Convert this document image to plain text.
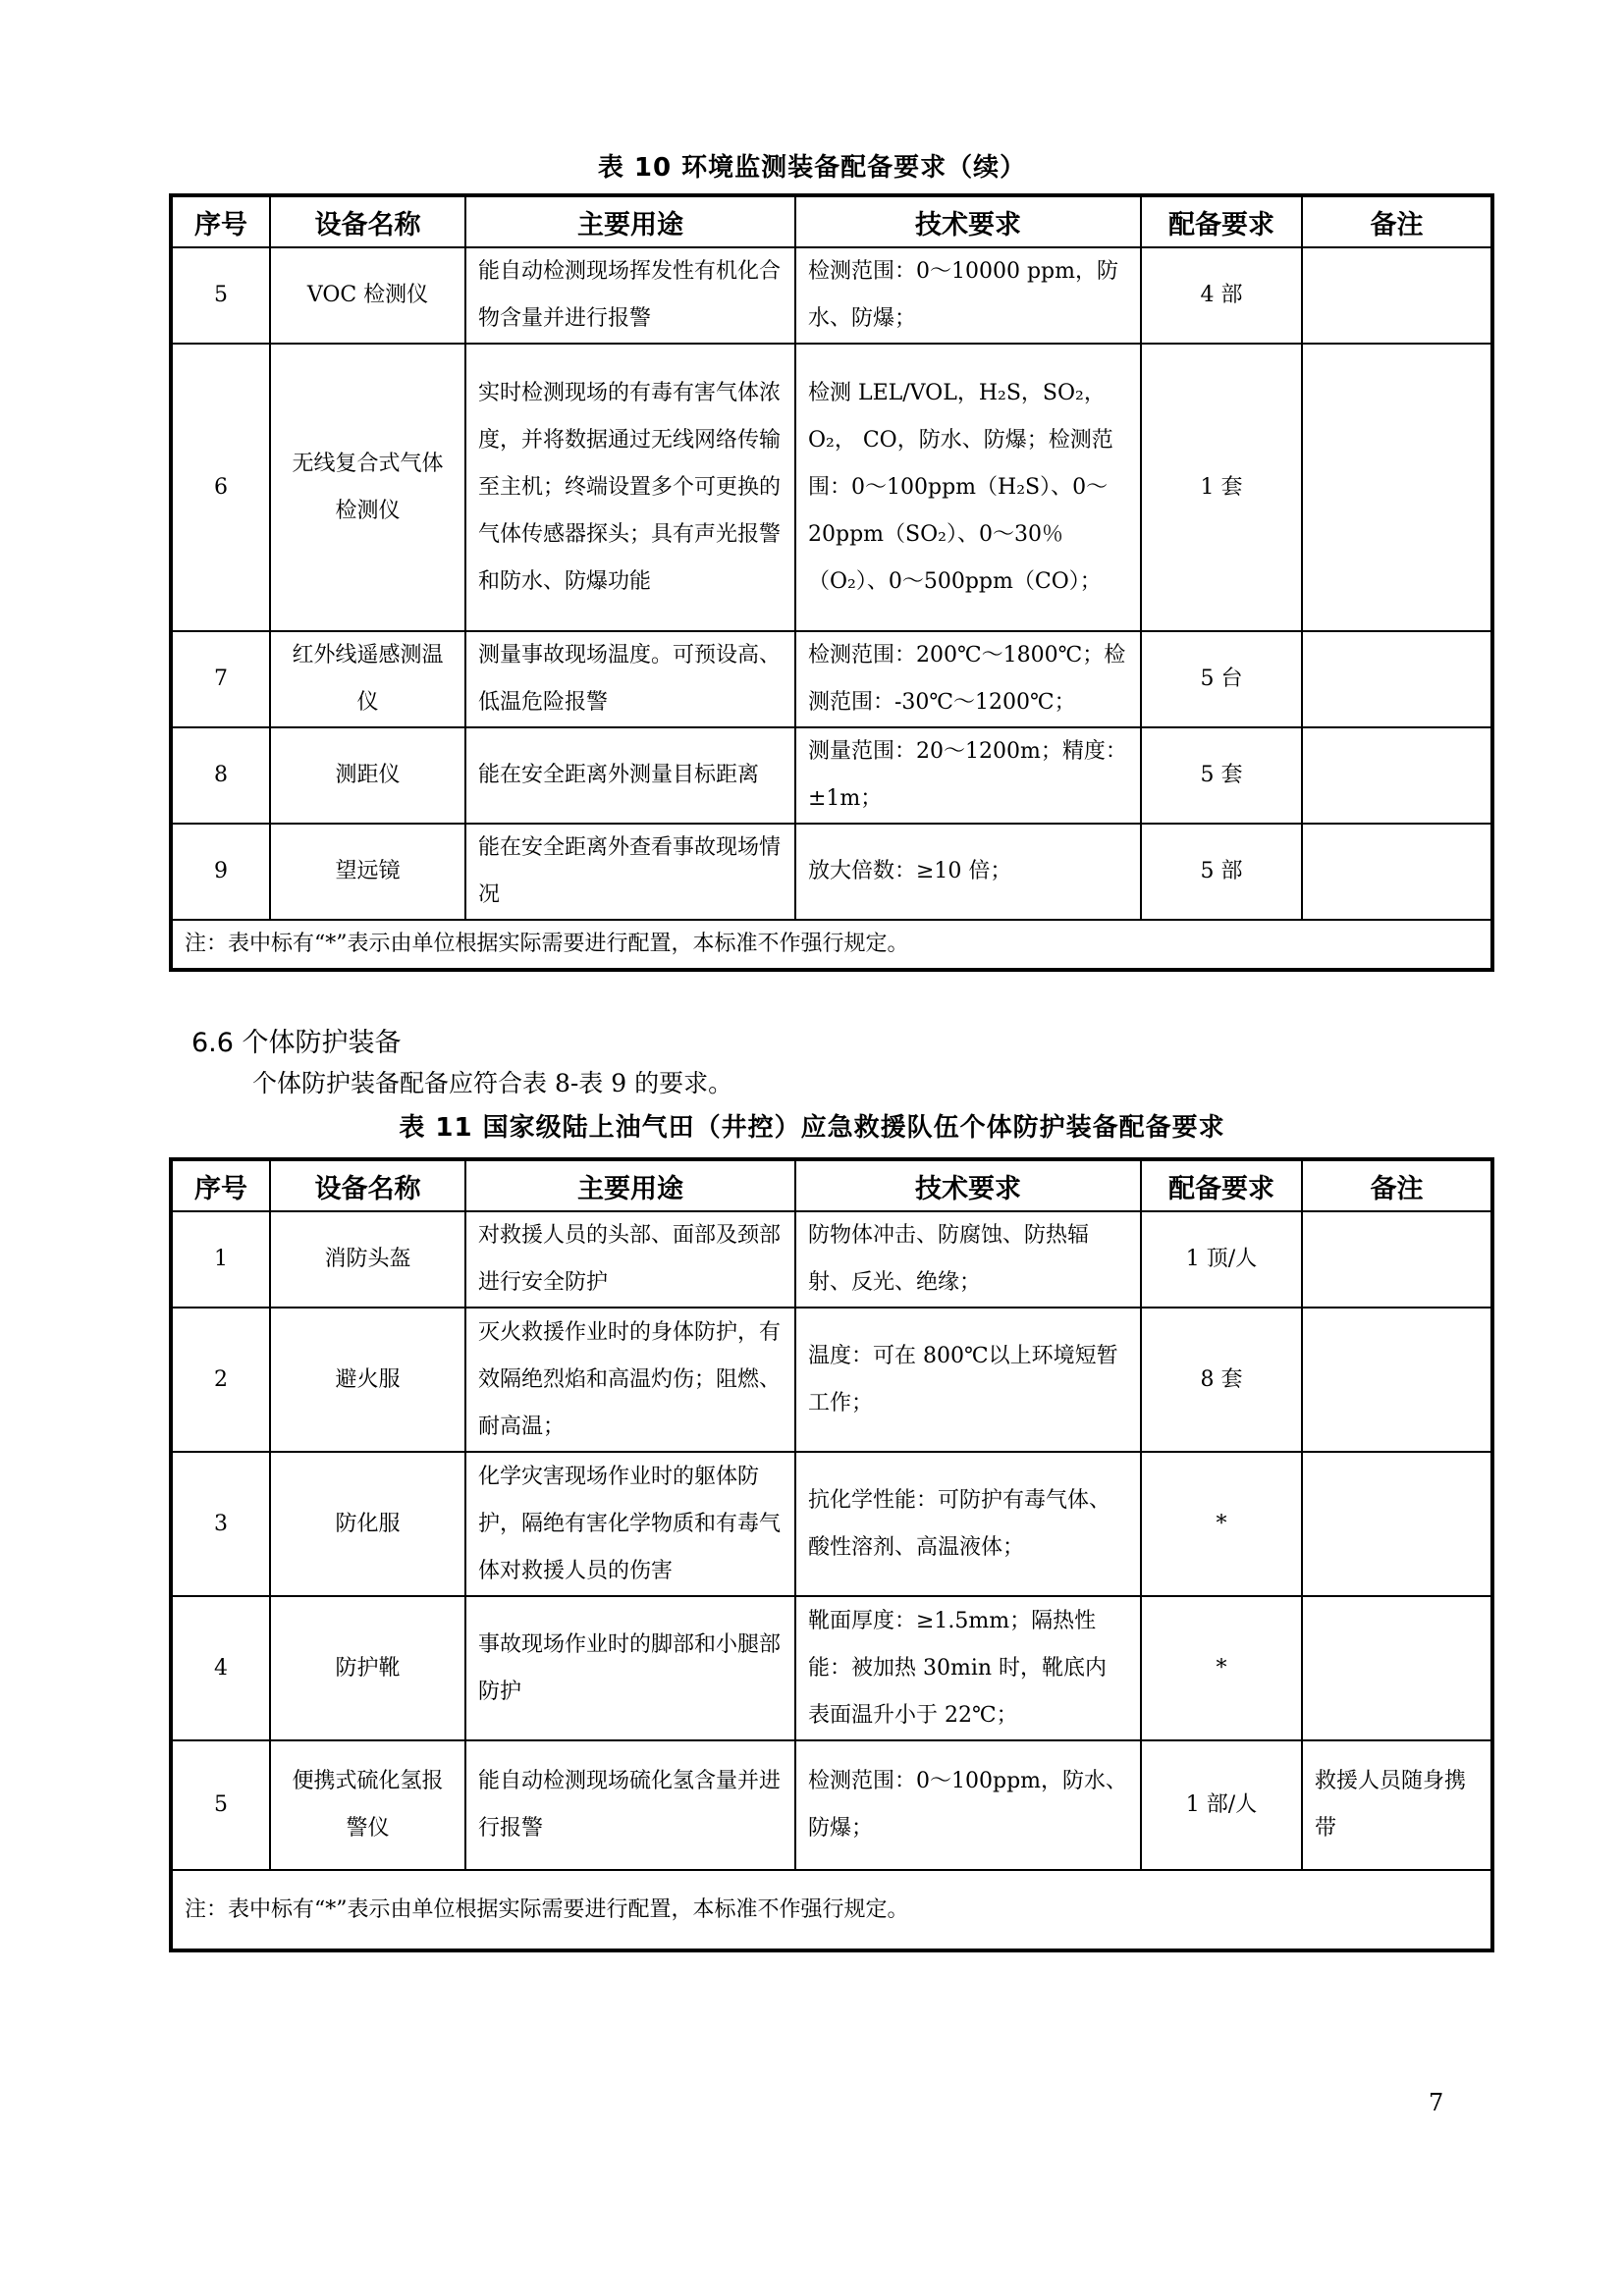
表 10 环境监测装备配备要求（续）
序号	设备名称	主要用途	技术要求	配备要求	备注
5	VOC 检测仪	能自动检测现场挥发性有机化合物含量并进行报警	检测范围：0～10000 ppm，防水、防爆；	4 部	
6	无线复合式气体检测仪	实时检测现场的有毒有害气体浓度，并将数据通过无线网络传输至主机；终端设置多个可更换的气体传感器探头；具有声光报警和防水、防爆功能	检测 LEL/VOL，H₂S，SO₂，O₂， CO，防水、防爆；检测范围：0～100ppm（H₂S）、0～20ppm（SO₂）、0～30％（O₂）、0～500ppm（CO）；	1 套	
7	红外线遥感测温仪	测量事故现场温度。可预设高、低温危险报警	检测范围：200℃～1800℃；检测范围：-30℃～1200℃；	5 台	
8	测距仪	能在安全距离外测量目标距离	测量范围：20～1200m；精度：±1m；	5 套	
9	望远镜	能在安全距离外查看事故现场情况	放大倍数：≥10 倍；	5 部	
注：表中标有“*”表示由单位根据实际需要进行配置，本标准不作强行规定。					
6.6 个体防护装备
个体防护装备配备应符合表 8-表 9 的要求。
表 11 国家级陆上油气田（井控）应急救援队伍个体防护装备配备要求
序号	设备名称	主要用途	技术要求	配备要求	备注
1	消防头盔	对救援人员的头部、面部及颈部进行安全防护	防物体冲击、防腐蚀、防热辐射、反光、绝缘；	1 顶/人	
2	避火服	灭火救援作业时的身体防护，有效隔绝烈焰和高温灼伤；阻燃、耐高温；	温度：可在 800℃以上环境短暂工作；	8 套	
3	防化服	化学灾害现场作业时的躯体防护，隔绝有害化学物质和有毒气体对救援人员的伤害	抗化学性能：可防护有毒气体、酸性溶剂、高温液体；	*	
4	防护靴	事故现场作业时的脚部和小腿部防护	靴面厚度：≥1.5mm；隔热性能：被加热 30min 时，靴底内表面温升小于 22℃；	*	
5	便携式硫化氢报警仪	能自动检测现场硫化氢含量并进行报警	检测范围：0～100ppm，防水、防爆；	1 部/人	救援人员随身携带
注：表中标有“*”表示由单位根据实际需要进行配置，本标准不作强行规定。					
7
